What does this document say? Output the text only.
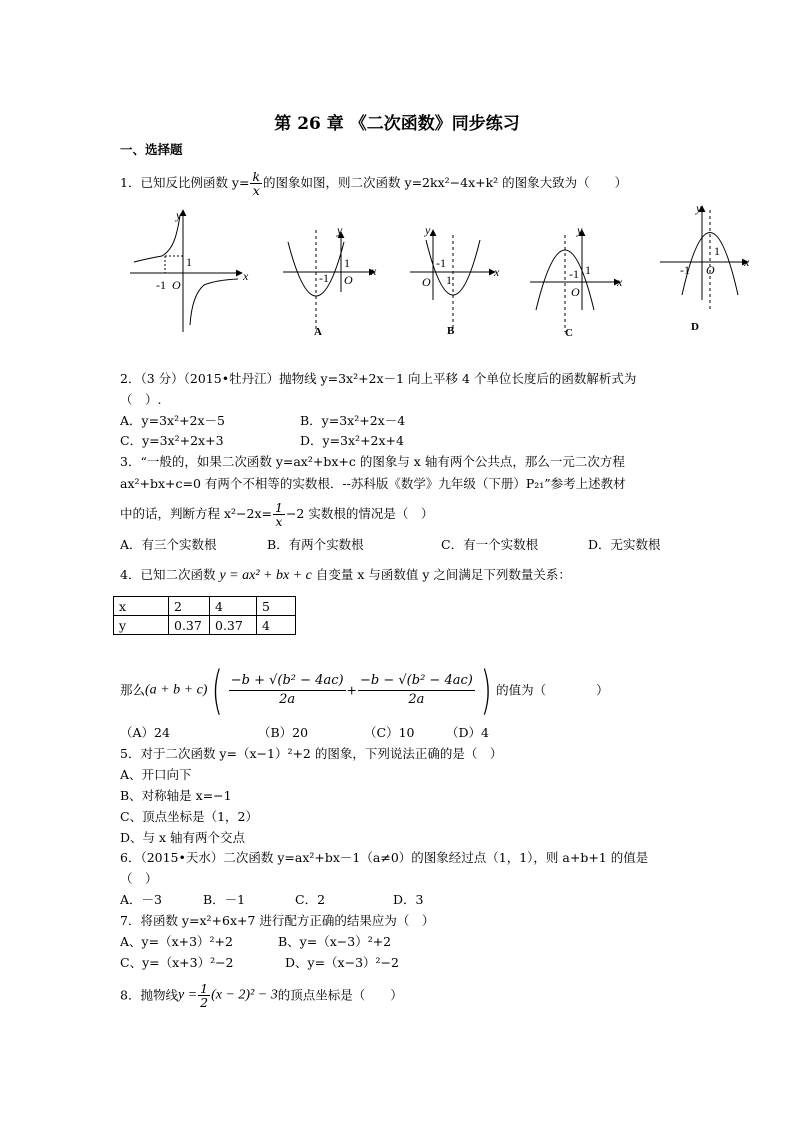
第 26 章 《二次函数》同步练习
一、选择题
1．已知反比例函数 $y= \frac{k}{x}$ 的图象如图，则二次函数 y=2kx²−4x+k² 的图象大致为（　　）
y
x
-1
1
O
y
x
-1
1
O
A
y
x
-1
1
O
B
y
x
-1 1
O
C
y
x
-1
1
O
D
2．（3 分）（2015•牡丹江）抛物线 y=3x²+2x－1 向上平移 4 个单位长度后的函数解析式为
（　）.
A．y=3x²+2x－5	B．y=3x²+2x－4
C．y=3x²+2x+3	D．y=3x²+2x+4
3．“一般的，如果二次函数 y=ax²+bx+c 的图象与 x 轴有两个公共点，那么一元二次方程
ax²+bx+c=0 有两个不相等的实数根．--苏科版《数学》九年级（下册）P₂₁”参考上述教材
中的话，判断方程 $x^2-2x= \frac{1}{x} -2$ 实数根的情况是（　）
A．有三个实数根	B．有两个实数根	C．有一个实数根	D．无实数根
4．已知二次函数 y = ax² + bx + c 自变量 x 与函数值 y 之间满足下列数量关系：
x	2	4	5
y	0.37	0.37	4
那么$(a + b + c)( \frac{\text{−b + √(b² − 4ac)}}{2a} + \frac{\text{−b − √(b² − 4ac)}}{2a}$ ) 的值为（　　　　）
（A）24	（B）20	（C）10	（D）4
5．对于二次函数 y=（x−1）²+2 的图象，下列说法正确的是（　）
A、开口向下
B、对称轴是 x=−1
C、顶点坐标是（1，2）
D、与 x 轴有两个交点
6．（2015•天水）二次函数 y=ax²+bx－1（a≠0）的图象经过点（1，1），则 a+b+1 的值是
（　）
A．－3	B．－1	C．2	D．3
7．将函数 y=x²+6x+7 进行配方正确的结果应为（　）
A、y=（x+3）²+2	B、y=（x−3）²+2
C、y=（x+3）²−2	D、y=（x−3）²−2
8．抛物线$y = \frac{1}{2} (x - 2)^2 - 3$的顶点坐标是（　　）
